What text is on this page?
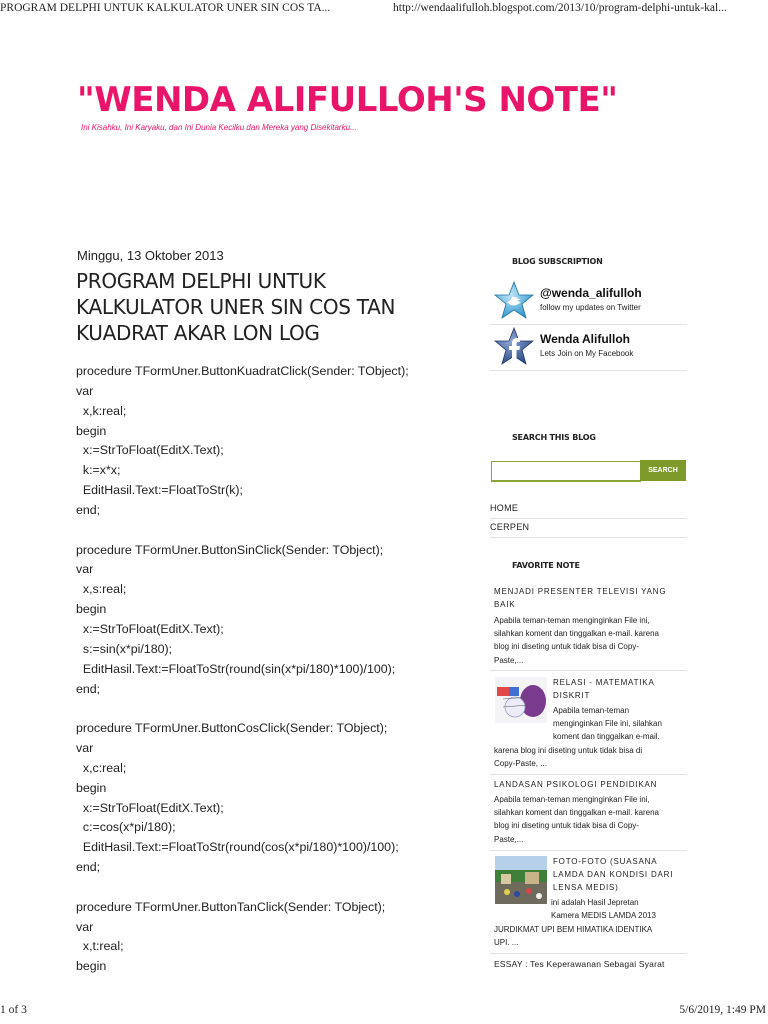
PROGRAM DELPHI UNTUK KALKULATOR UNER SIN COS TA...	http://wendaalifulloh.blogspot.com/2013/10/program-delphi-untuk-kal...
"WENDA ALIFULLOH'S NOTE"
Ini Kisahku, Ini Karyaku, dan Ini Dunia Kecilku dan Mereka yang Disekitarku...
Minggu, 13 Oktober 2013
PROGRAM DELPHI UNTUK
KALKULATOR UNER SIN COS TAN
KUADRAT AKAR LON LOG
procedure TFormUner.ButtonKuadratClick(Sender: TObject);
var
x,k:real;
begin
x:=StrToFloat(EditX.Text);
k:=x*x;
EditHasil.Text:=FloatToStr(k);
end;
procedure TFormUner.ButtonSinClick(Sender: TObject);
var
x,s:real;
begin
x:=StrToFloat(EditX.Text);
s:=sin(x*pi/180);
EditHasil.Text:=FloatToStr(round(sin(x*pi/180)*100)/100);
end;
procedure TFormUner.ButtonCosClick(Sender: TObject);
var
x,c:real;
begin
x:=StrToFloat(EditX.Text);
c:=cos(x*pi/180);
EditHasil.Text:=FloatToStr(round(cos(x*pi/180)*100)/100);
end;
procedure TFormUner.ButtonTanClick(Sender: TObject);
var
x,t:real;
begin
BLOG SUBSCRIPTION
@wenda_alifulloh
follow my updates on Twitter
Wenda Alifulloh
Lets Join on My Facebook
SEARCH THIS BLOG
SEARCH
HOME
CERPEN
FAVORITE NOTE
MENJADI PRESENTER TELEVISI YANG
BAIK
Apabila teman-teman menginginkan File ini,
silahkan koment dan tinggalkan e-mail. karena
blog ini diseting untuk tidak bisa di Copy-
Paste,...
RELASI - MATEMATIKA
DISKRIT
Apabila teman-teman
menginginkan File ini, silahkan
koment dan tinggalkan e-mail.
karena blog ini diseting untuk tidak bisa di
Copy-Paste, ...
LANDASAN PSIKOLOGI PENDIDIKAN
Apabila teman-teman menginginkan File ini,
silahkan koment dan tinggalkan e-mail. karena
blog ini diseting untuk tidak bisa di Copy-
Paste,...
FOTO-FOTO (SUASANA
LAMDA DAN KONDISI DARI
LENSA MEDIS)
ini adalah Hasil Jepretan
Kamera MEDIS LAMDA 2013
JURDIKMAT UPI BEM HIMATIKA IDENTIKA
UPI. ...
ESSAY : Tes Keperawanan Sebagai Syarat
1 of 3	5/6/2019, 1:49 PM
